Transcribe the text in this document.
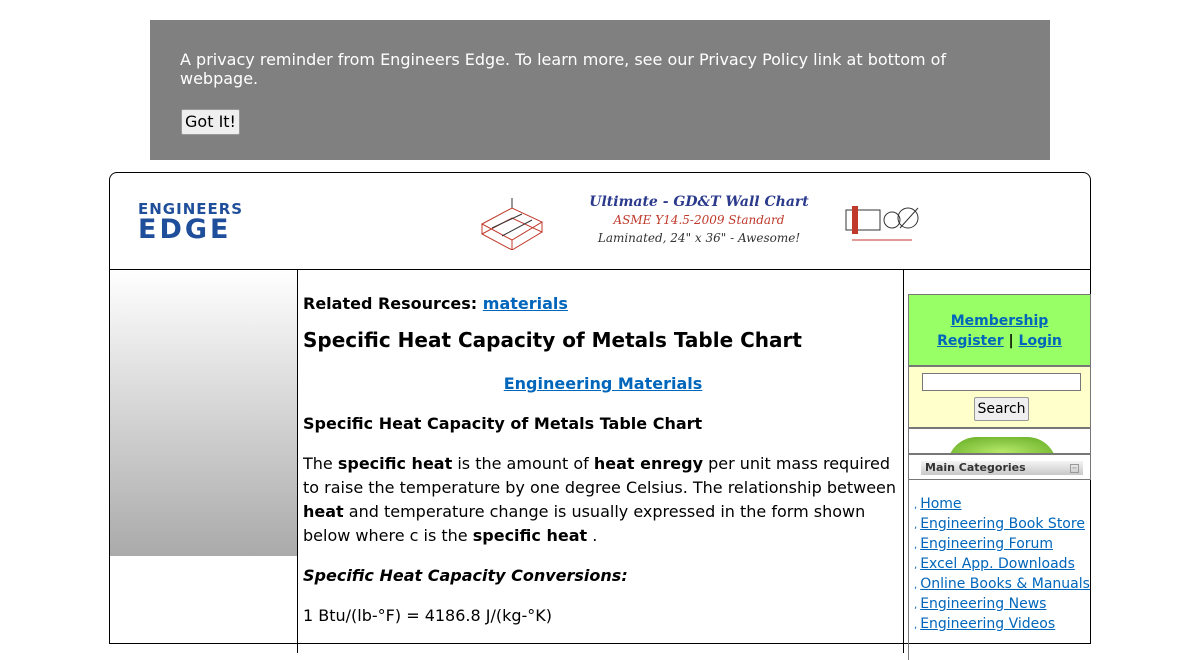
A privacy reminder from Engineers Edge. To learn more, see our Privacy Policy link at bottom of webpage.
Got It!
ENGINEERS
EDGE
Ultimate - GD&T Wall Chart
ASME Y14.5-2009 Standard
Laminated, 24" x 36" - Awesome!
Related Resources: materials
Specific Heat Capacity of Metals Table Chart
Engineering Materials
Specific Heat Capacity of Metals Table Chart
The specific heat is the amount of heat enregy per unit mass required to raise the temperature by one degree Celsius. The relationship between heat and temperature change is usually expressed in the form shown below where c is the specific heat .
Specific Heat Capacity Conversions:
1 Btu/(lb-°F) = 4186.8 J/(kg-°K)
Membership
Register | Login
Search
Main Categories	−
, Home
, Engineering Book Store
, Engineering Forum
, Excel App. Downloads
, Online Books & Manuals
, Engineering News
, Engineering Videos
